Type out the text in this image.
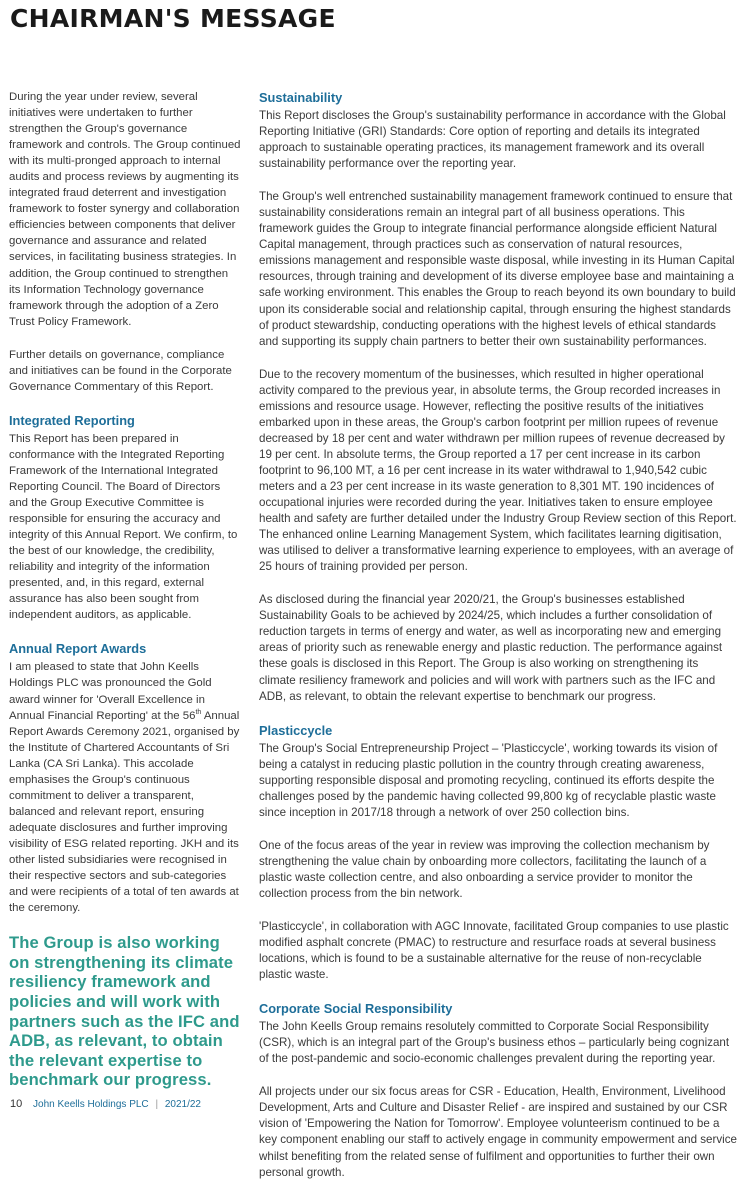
CHAIRMAN'S MESSAGE

During the year under review, several initiatives were undertaken to further strengthen the Group's governance framework and controls. The Group continued with its multi-pronged approach to internal audits and process reviews by augmenting its integrated fraud deterrent and investigation framework to foster synergy and collaboration efficiencies between components that deliver governance and assurance and related services, in facilitating business strategies. In addition, the Group continued to strengthen its Information Technology governance framework through the adoption of a Zero Trust Policy Framework.

Further details on governance, compliance and initiatives can be found in the Corporate Governance Commentary of this Report.

Integrated Reporting

This Report has been prepared in conformance with the Integrated Reporting Framework of the International Integrated Reporting Council. The Board of Directors and the Group Executive Committee is responsible for ensuring the accuracy and integrity of this Annual Report. We confirm, to the best of our knowledge, the credibility, reliability and integrity of the information presented, and, in this regard, external assurance has also been sought from independent auditors, as applicable.

Annual Report Awards

I am pleased to state that John Keells Holdings PLC was pronounced the Gold award winner for 'Overall Excellence in Annual Financial Reporting' at the 56th Annual Report Awards Ceremony 2021, organised by the Institute of Chartered Accountants of Sri Lanka (CA Sri Lanka). This accolade emphasises the Group's continuous commitment to deliver a transparent, balanced and relevant report, ensuring adequate disclosures and further improving visibility of ESG related reporting. JKH and its other listed subsidiaries were recognised in their respective sectors and sub-categories and were recipients of a total of ten awards at the ceremony.

The Group is also working on strengthening its climate resiliency framework and policies and will work with partners such as the IFC and ADB, as relevant, to obtain the relevant expertise to benchmark our progress.
Sustainability

This Report discloses the Group's sustainability performance in accordance with the Global Reporting Initiative (GRI) Standards: Core option of reporting and details its integrated approach to sustainable operating practices, its management framework and its overall sustainability performance over the reporting year.

The Group's well entrenched sustainability management framework continued to ensure that sustainability considerations remain an integral part of all business operations. This framework guides the Group to integrate financial performance alongside efficient Natural Capital management, through practices such as conservation of natural resources, emissions management and responsible waste disposal, while investing in its Human Capital resources, through training and development of its diverse employee base and maintaining a safe working environment. This enables the Group to reach beyond its own boundary to build upon its considerable social and relationship capital, through ensuring the highest standards of product stewardship, conducting operations with the highest levels of ethical standards and supporting its supply chain partners to better their own sustainability performances.

Due to the recovery momentum of the businesses, which resulted in higher operational activity compared to the previous year, in absolute terms, the Group recorded increases in emissions and resource usage. However, reflecting the positive results of the initiatives embarked upon in these areas, the Group's carbon footprint per million rupees of revenue decreased by 18 per cent and water withdrawn per million rupees of revenue decreased by 19 per cent. In absolute terms, the Group reported a 17 per cent increase in its carbon footprint to 96,100 MT, a 16 per cent increase in its water withdrawal to 1,940,542 cubic meters and a 23 per cent increase in its waste generation to 8,301 MT. 190 incidences of occupational injuries were recorded during the year. Initiatives taken to ensure employee health and safety are further detailed under the Industry Group Review section of this Report. The enhanced online Learning Management System, which facilitates learning digitisation, was utilised to deliver a transformative learning experience to employees, with an average of 25 hours of training provided per person.

As disclosed during the financial year 2020/21, the Group's businesses established Sustainability Goals to be achieved by 2024/25, which includes a further consolidation of reduction targets in terms of energy and water, as well as incorporating new and emerging areas of priority such as renewable energy and plastic reduction. The performance against these goals is disclosed in this Report. The Group is also working on strengthening its climate resiliency framework and policies and will work with partners such as the IFC and ADB, as relevant, to obtain the relevant expertise to benchmark our progress.

Plasticcycle

The Group's Social Entrepreneurship Project – 'Plasticcycle', working towards its vision of being a catalyst in reducing plastic pollution in the country through creating awareness, supporting responsible disposal and promoting recycling, continued its efforts despite the challenges posed by the pandemic having collected 99,800 kg of recyclable plastic waste since inception in 2017/18 through a network of over 250 collection bins.

One of the focus areas of the year in review was improving the collection mechanism by strengthening the value chain by onboarding more collectors, facilitating the launch of a plastic waste collection centre, and also onboarding a service provider to monitor the collection process from the bin network.

'Plasticcycle', in collaboration with AGC Innovate, facilitated Group companies to use plastic modified asphalt concrete (PMAC) to restructure and resurface roads at several business locations, which is found to be a sustainable alternative for the reuse of non-recyclable plastic waste.

Corporate Social Responsibility

The John Keells Group remains resolutely committed to Corporate Social Responsibility (CSR), which is an integral part of the Group's business ethos – particularly being cognizant of the post-pandemic and socio-economic challenges prevalent during the reporting year.

All projects under our six focus areas for CSR - Education, Health, Environment, Livelihood Development, Arts and Culture and Disaster Relief - are inspired and sustained by our CSR vision of 'Empowering the Nation for Tomorrow'. Employee volunteerism continued to be a key component enabling our staff to actively engage in community empowerment and service whilst benefiting from the related sense of fulfilment and opportunities to further their own personal growth.

10 John Keells Holdings PLC | 2021/22
